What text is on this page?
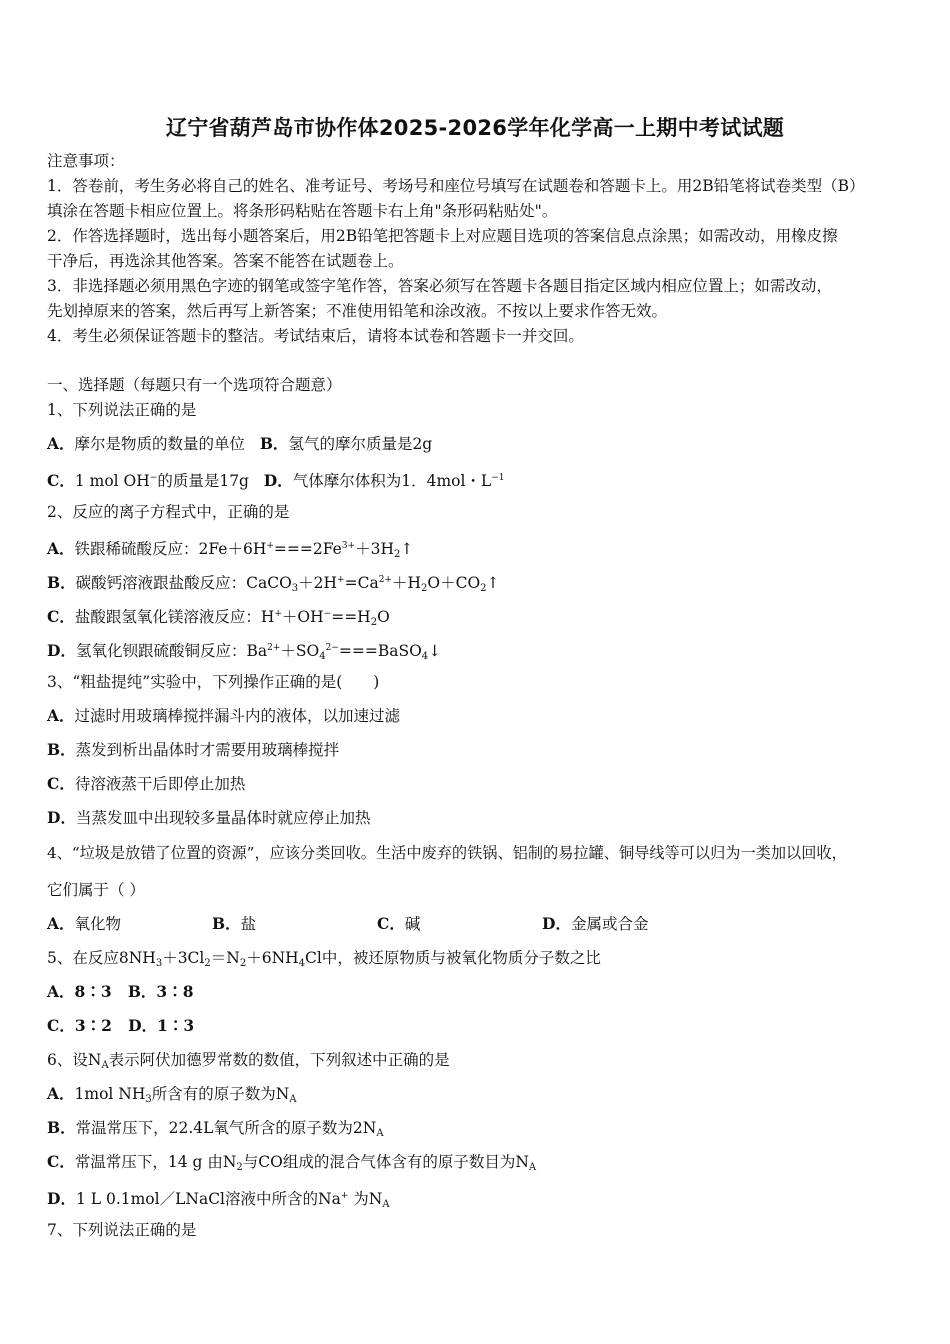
辽宁省葫芦岛市协作体2025-2026学年化学高一上期中考试试题
注意事项：
1．答卷前，考生务必将自己的姓名、准考证号、考场号和座位号填写在试题卷和答题卡上。用2B铅笔将试卷类型（B）
填涂在答题卡相应位置上。将条形码粘贴在答题卡右上角"条形码粘贴处"。
2．作答选择题时，选出每小题答案后，用2B铅笔把答题卡上对应题目选项的答案信息点涂黑；如需改动，用橡皮擦
干净后，再选涂其他答案。答案不能答在试题卷上。
3．非选择题必须用黑色字迹的钢笔或签字笔作答，答案必须写在答题卡各题目指定区域内相应位置上；如需改动，
先划掉原来的答案，然后再写上新答案；不准使用铅笔和涂改液。不按以上要求作答无效。
4．考生必须保证答题卡的整洁。考试结束后，请将本试卷和答题卡一并交回。
一、选择题（每题只有一个选项符合题意）
1、下列说法正确的是
A．摩尔是物质的数量的单位 B．氢气的摩尔质量是2g
C．1 mol OH−的质量是17g D．气体摩尔体积为1．4mol・$L^{-1}$
2、反应的离子方程式中，正确的是
A．铁跟稀硫酸反应：$2Fe+6H^+===2Fe^{3+}+3H_2↑$
B．碳酸钙溶液跟盐酸反应：$CaCO_3+2H^+=Ca^{2+}+H_2O+CO_2↑$
C．盐酸跟氢氧化镁溶液反应：$H^++OH^-==H_2O$
D．氢氧化钡跟硫酸铜反应：$Ba^{2+}+SO_4^{2-}===BaSO_4↓$
3、“粗盐提纯”实验中，下列操作正确的是(　　)
A．过滤时用玻璃棒搅拌漏斗内的液体，以加速过滤
B．蒸发到析出晶体时才需要用玻璃棒搅拌
C．待溶液蒸干后即停止加热
D．当蒸发皿中出现较多量晶体时就应停止加热
4、“垃圾是放错了位置的资源”，应该分类回收。生活中废弃的铁锅、铝制的易拉罐、铜导线等可以归为一类加以回收，
它们属于（ ）
A．氧化物	B．盐	C．碱	D．金属或合金
5、在反应$8NH_3+3Cl_2=N_2+6NH_4Cl$中，被还原物质与被氧化物质分子数之比
A．8∶3 B．3∶8
C．3∶2 D．1∶3
6、设$N_A$表示阿伏加德罗常数的数值，下列叙述中正确的是
A．1mol $NH_3$所含有的原子数为$N_A$
B．常温常压下，22.4L氧气所含的原子数为$2N_A$
C．常温常压下，14 g 由$N_2$与CO组成的混合气体含有的原子数目为$N_A$
D．1 L 0.1mol／LNaCl溶液中所含的Na+ 为$N_A$
7、下列说法正确的是
